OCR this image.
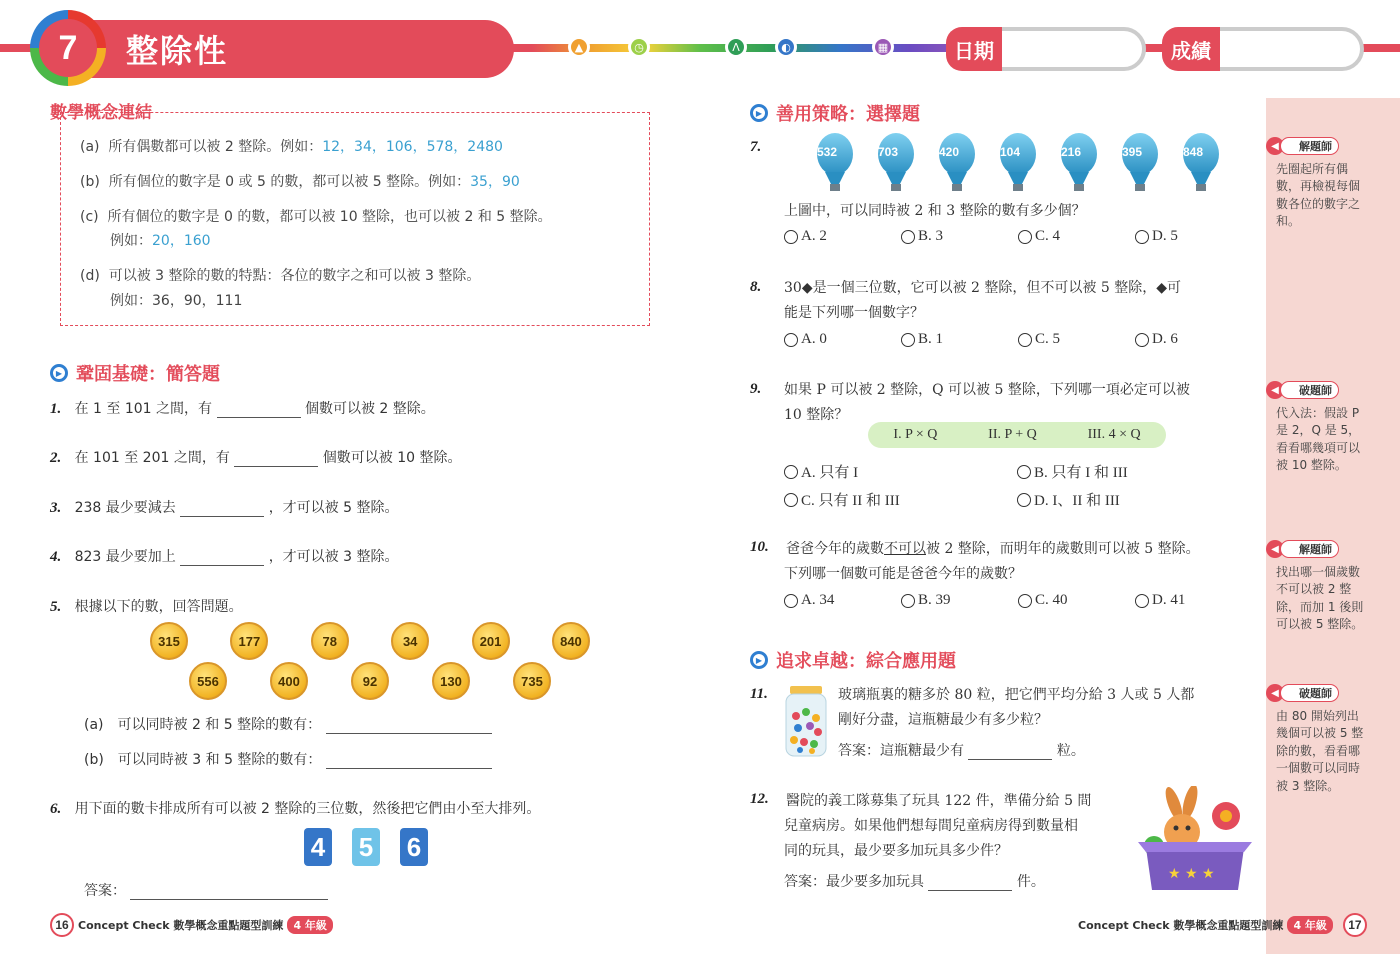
整除性
7	▲	◷	Λ	◐	▦	日期	成績
數學概念連結
(a) 所有偶數都可以被 2 整除。例如：12，34，106，578，2480
(b) 所有個位的數字是 0 或 5 的數，都可以被 5 整除。例如：35，90
(c) 所有個位的數字是 0 的數，都可以被 10 整除，也可以被 2 和 5 整除。
例如：20，160
(d) 可以被 3 整除的數的特點：各位的數字之和可以被 3 整除。
例如：36，90，111
▶ 鞏固基礎：簡答題
1. 在 1 至 101 之間，有	個數可以被 2 整除。
2. 在 101 至 201 之間，有	個數可以被 10 整除。
3. 238 最少要減去	，才可以被 5 整除。
4. 823 最少要加上	，才可以被 3 整除。
5. 根據以下的數，回答問題。
315	177	78	34	201	840
556	400	92	130	735
(a)　可以同時被 2 和 5 整除的數有：
(b)　可以同時被 3 和 5 整除的數有：
6. 用下面的數卡排成所有可以被 2 整除的三位數，然後把它們由小至大排列。
4 5 6
答案：
16 Concept Check 數學概念重點題型訓練 4 年級
▶ 善用策略：選擇題
7.	532	703	420	104	216	395	848
上圖中，可以同時被 2 和 3 整除的數有多少個？
A. 2	B. 3	C. 4	D. 5
8. 30◆是一個三位數，它可以被 2 整除，但不可以被 5 整除，◆可
能是下列哪一個數字？
A. 0	B. 1	C. 5	D. 6
9. 如果 P 可以被 2 整除，Q 可以被 5 整除，下列哪一項必定可以被
10 整除？
I. P × Q	II. P + Q	III. 4 × Q
A. 只有 I	B. 只有 I 和 III
C. 只有 II 和 III	D. I、II 和 III
10. 爸爸今年的歲數不可以被 2 整除，而明年的歲數則可以被 5 整除。
下列哪一個數可能是爸爸今年的歲數？
A. 34	B. 39	C. 40	D. 41
▶ 追求卓越：綜合應用題
11.	玻璃瓶裏的糖多於 80 粒，把它們平均分給 3 人或 5 人都
剛好分盡，這瓶糖最少有多少粒？
答案：這瓶糖最少有	粒。
12. 醫院的義工隊募集了玩具 122 件，準備分給 5 間
兒童病房。如果他們想每間兒童病房得到數量相
同的玩具，最少要多加玩具多少件？
答案：最少要多加玩具	件。	★ ★ ★
◀	解題師
先圈起所有偶數，再檢視每個數各位的數字之和。
◀	破題師
代入法：假設 P 是 2，Q 是 5，看看哪幾項可以被 10 整除。
◀	解題師
找出哪一個歲數不可以被 2 整除，而加 1 後則可以被 5 整除。
◀	破題師
由 80 開始列出幾個可以被 5 整除的數，看看哪一個數可以同時被 3 整除。
Concept Check 數學概念重點題型訓練 4 年級	17
